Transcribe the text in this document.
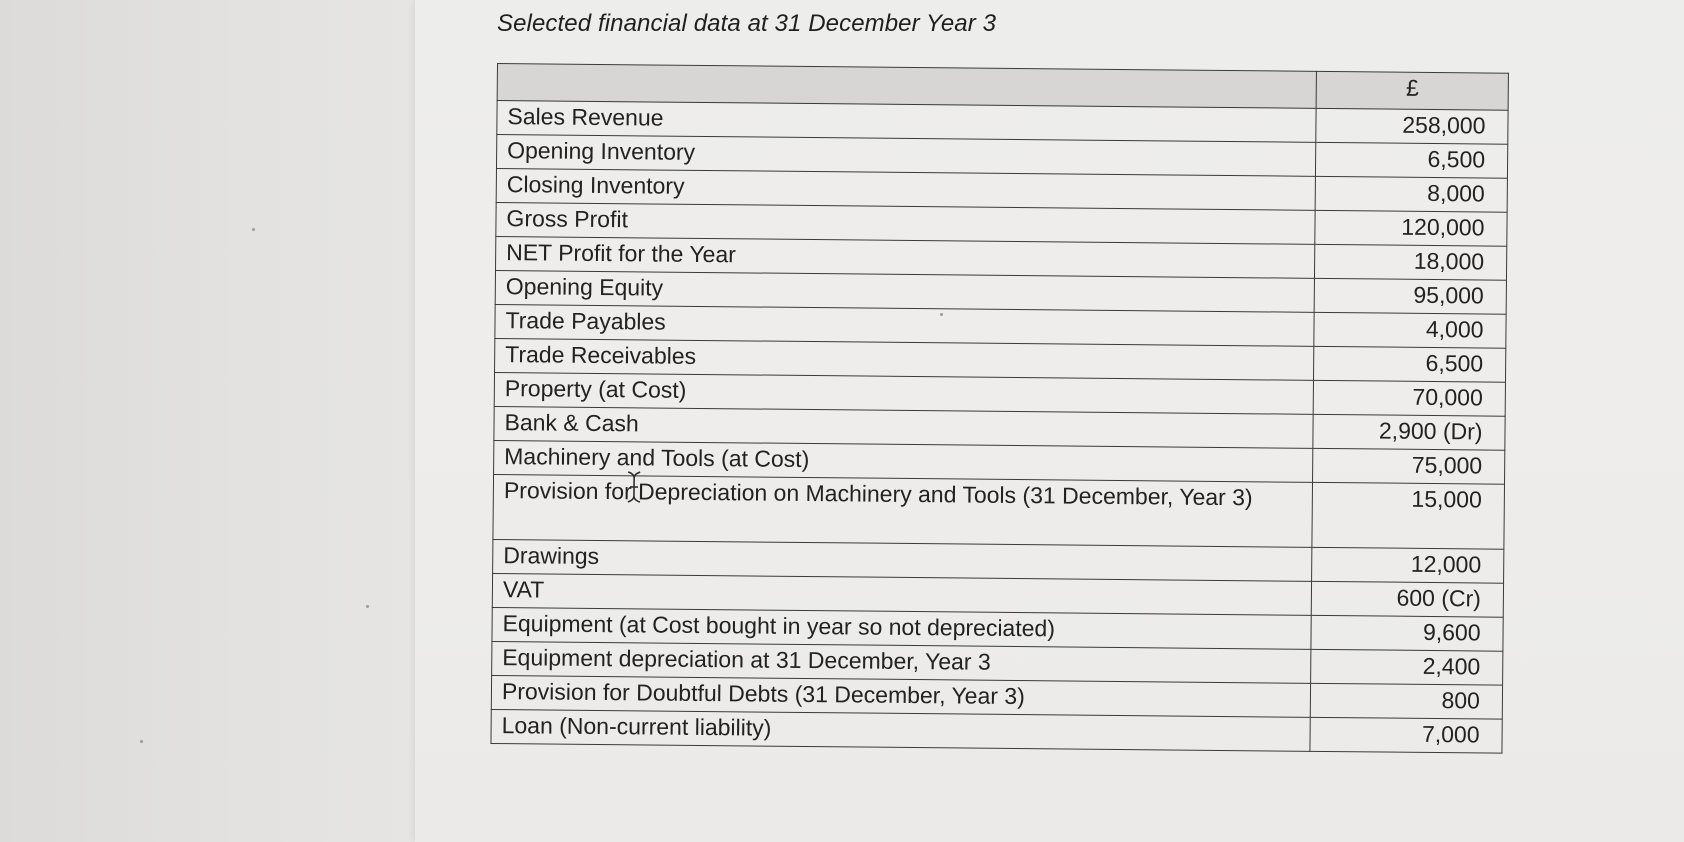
Selected financial data at 31 December Year 3
	£
Sales Revenue	258,000
Opening Inventory	6,500
Closing Inventory	8,000
Gross Profit	120,000
NET Profit for the Year	18,000
Opening Equity	95,000
Trade Payables	4,000
Trade Receivables	6,500
Property (at Cost)	70,000
Bank & Cash	2,900 (Dr)
Machinery and Tools (at Cost)	75,000
Provision for Depreciation on Machinery and Tools (31 December, Year 3)	15,000
Drawings	12,000
VAT	600 (Cr)
Equipment (at Cost bought in year so not depreciated)	9,600
Equipment depreciation at 31 December, Year 3	2,400
Provision for Doubtful Debts (31 December, Year 3)	800
Loan (Non-current liability)	7,000
